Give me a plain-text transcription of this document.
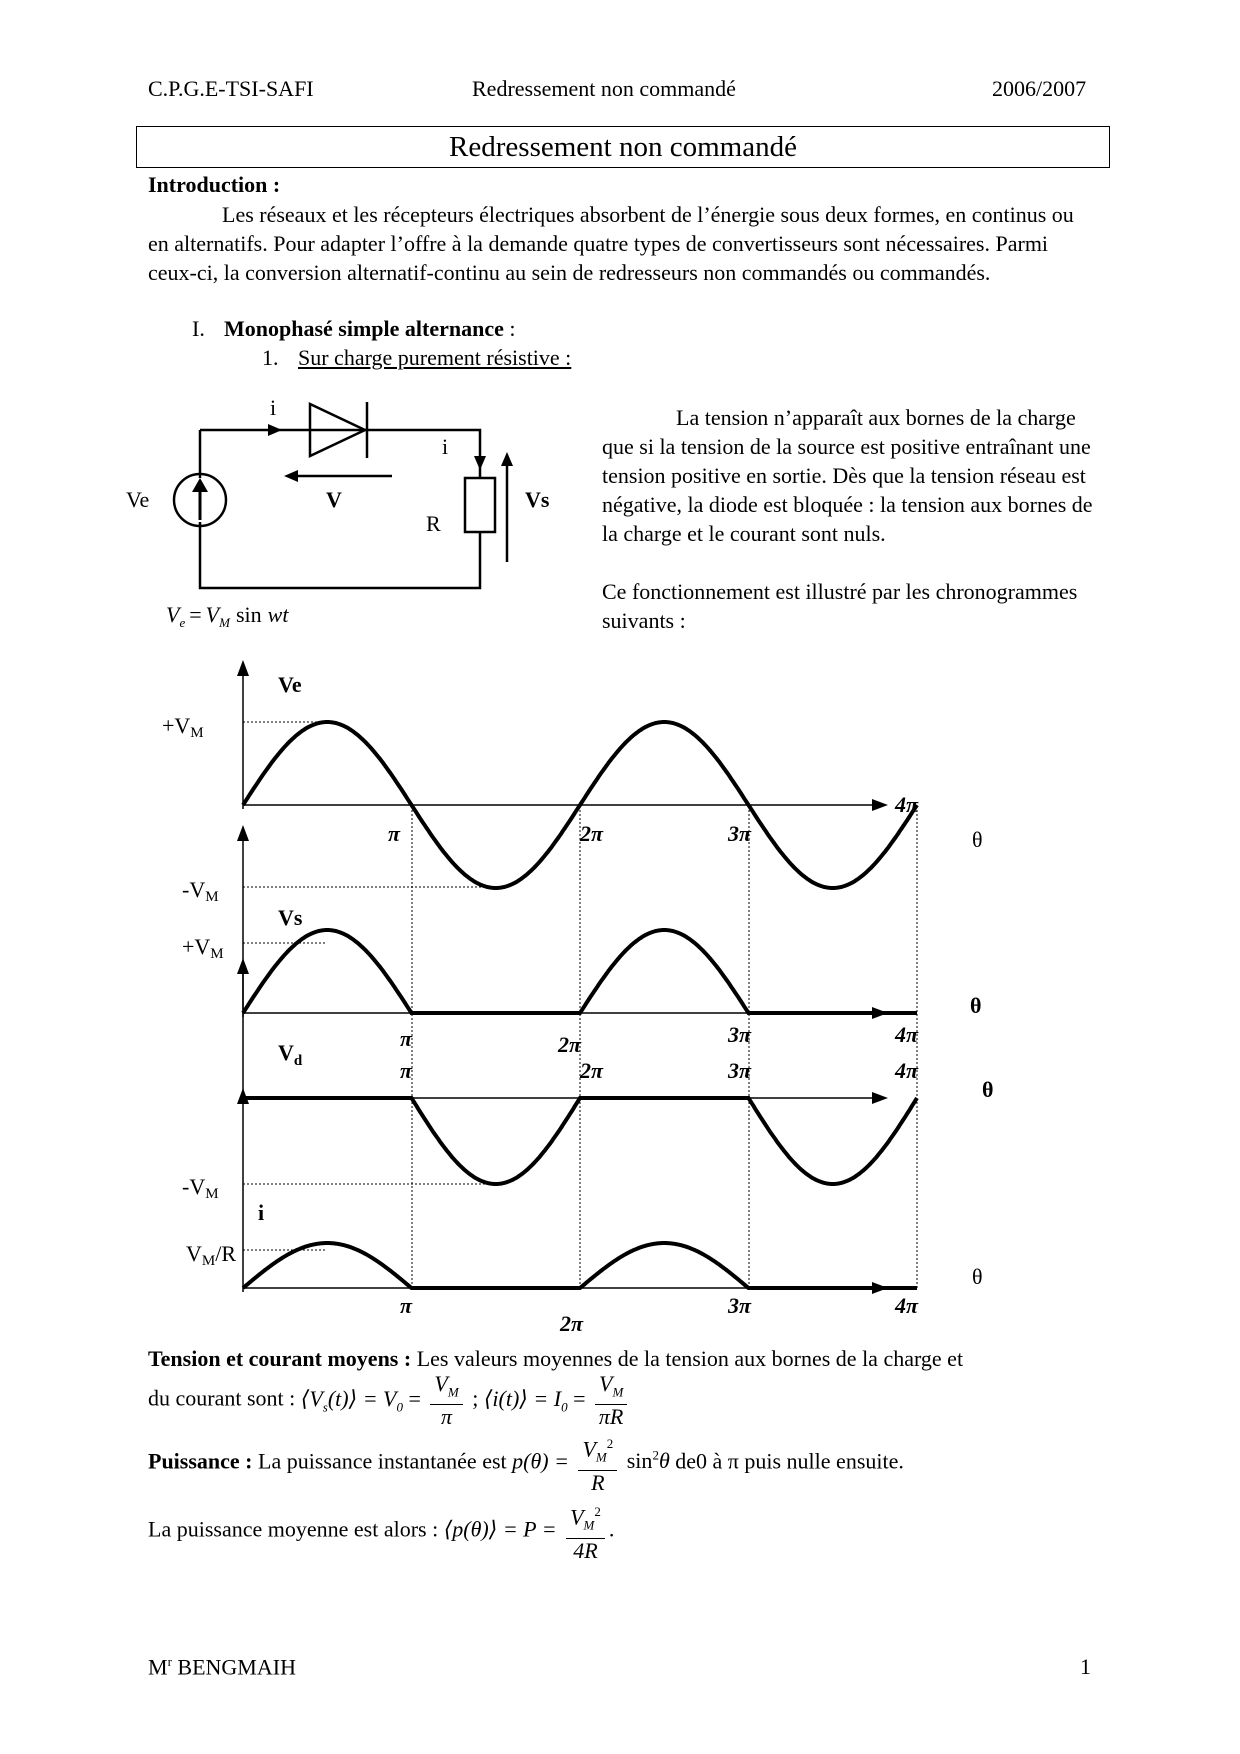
C.P.G.E-TSI-SAFI	Redressement non commandé	2006/2007
Redressement non commandé
Introduction :
Les réseaux et les récepteurs électriques absorbent de l’énergie sous deux formes, en continus ou en alternatifs. Pour adapter l’offre à la demande quatre types de convertisseurs sont nécessaires. Parmi ceux-ci, la conversion alternatif-continu au sein de redresseurs non commandés ou commandés.
I. Monophasé simple alternance :
1. Sur charge purement résistive :
i
i
Ve	V
R
Vs
$V_e = V_M$ sin wt
La tension n’apparaît aux bornes de la charge que si la tension de la source est positive entraînant une tension positive en sortie. Dès que la tension réseau est négative, la diode est bloquée : la tension aux bornes de la charge et le courant sont nuls.
Ce fonctionnement est illustré par les chronogrammes suivants :
Ve
+VM
-VM
π	2π	3π
4π
θ
Vs
+VM
π	2π	3π	4π
θ
$V_d$	π	2π	3π	4π
θ
-VM
i
VM/R
π
2π
3π	4π
θ
Tension et courant moyens : Les valeurs moyennes de la tension aux bornes de la charge et
du courant sont : $⟨V_s(t)⟩ = V_0 = \frac{V_M}{\pi}$ ; ⟨i(t)⟩ = $I_0 = \frac{V_M}{\pi R}$
Puissance : La puissance instantanée est $p(\theta) = \frac{V_M^2}{R} \sin^2\theta$ de0 à π puis nulle ensuite.
La puissance moyenne est alors : ⟨p(θ)⟩ = $P = \frac{V_M^2}{4R}$ .
$M^r$ BENGMAIH	1
